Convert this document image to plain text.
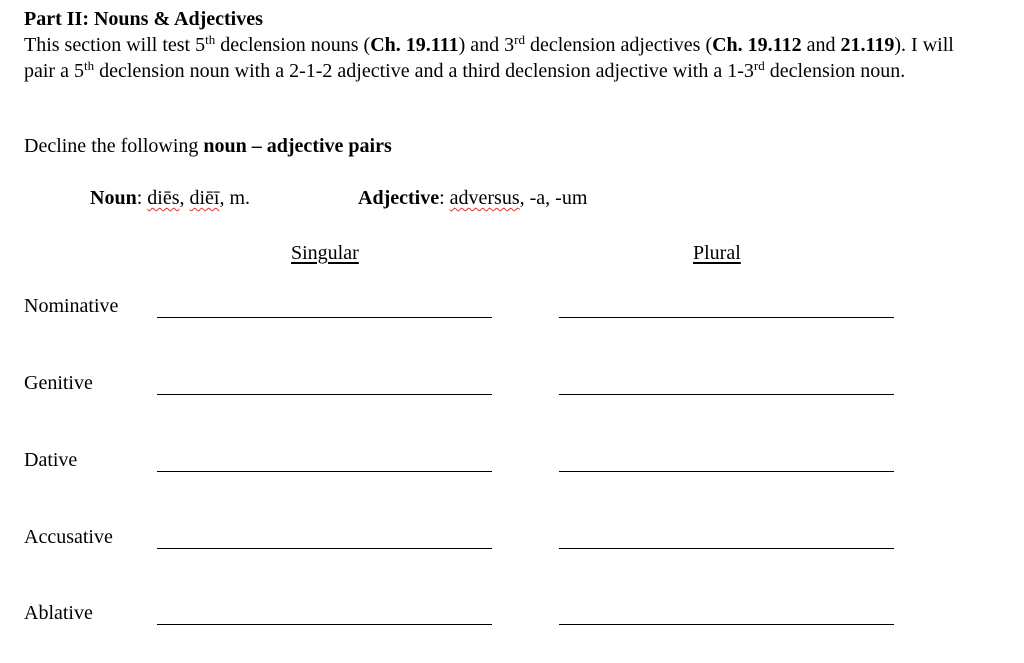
Part II: Nouns & Adjectives
This section will test 5th declension nouns (Ch. 19.111) and 3rd declension adjectives (Ch. 19.112 and 21.119). I will pair a 5th declension noun with a 2-1-2 adjective and a third declension adjective with a 1-3rd declension noun.
Decline the following noun – adjective pairs
Noun: diēs, diēī, m.	Adjective: adversus, -a, -um
Singular	Plural
Nominative
Genitive
Dative
Accusative
Ablative
